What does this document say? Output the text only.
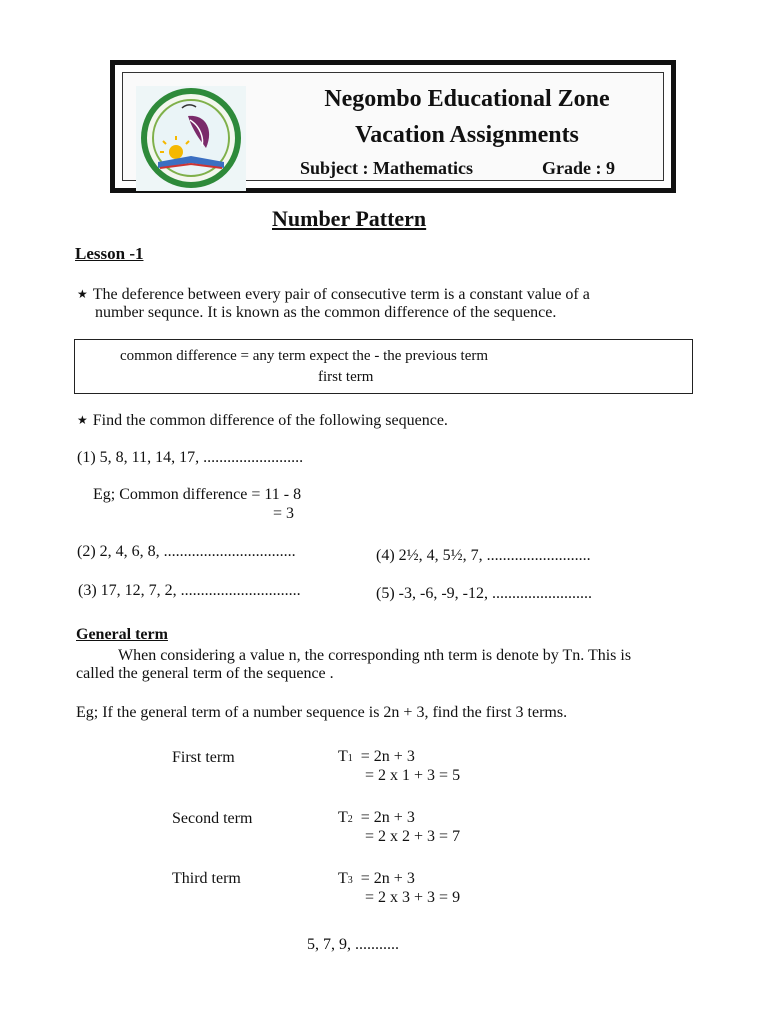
Negombo Educational Zone
Vacation Assignments
Subject : Mathematics	Grade : 9
Number Pattern
Lesson -1
★ The deference between every pair of consecutive term is a constant value of a
number sequnce. It is known as the common difference of the sequence.
common difference = any term expect the - the previous term
first term
★ Find the common difference of the following sequence.
(1) 5, 8, 11, 14, 17, .........................
Eg; Common difference = 11 - 8
= 3
(2) 2, 4, 6, 8, .................................	(4) 2½, 4, 5½, 7, ..........................
(3) 17, 12, 7, 2, ..............................	(5) -3, -6, -9, -12, .........................
General term
When considering a value n, the corresponding nth term is denote by Tn. This is
called the general term of the sequence .
Eg; If the general term of a number sequence is 2n + 3, find the first 3 terms.
First term	T1  = 2n + 3
= 2 x 1 + 3 = 5
Second term	T2  = 2n + 3
= 2 x 2 + 3 = 7
Third term	T3  = 2n + 3
= 2 x 3 + 3 = 9
5, 7, 9, ...........
